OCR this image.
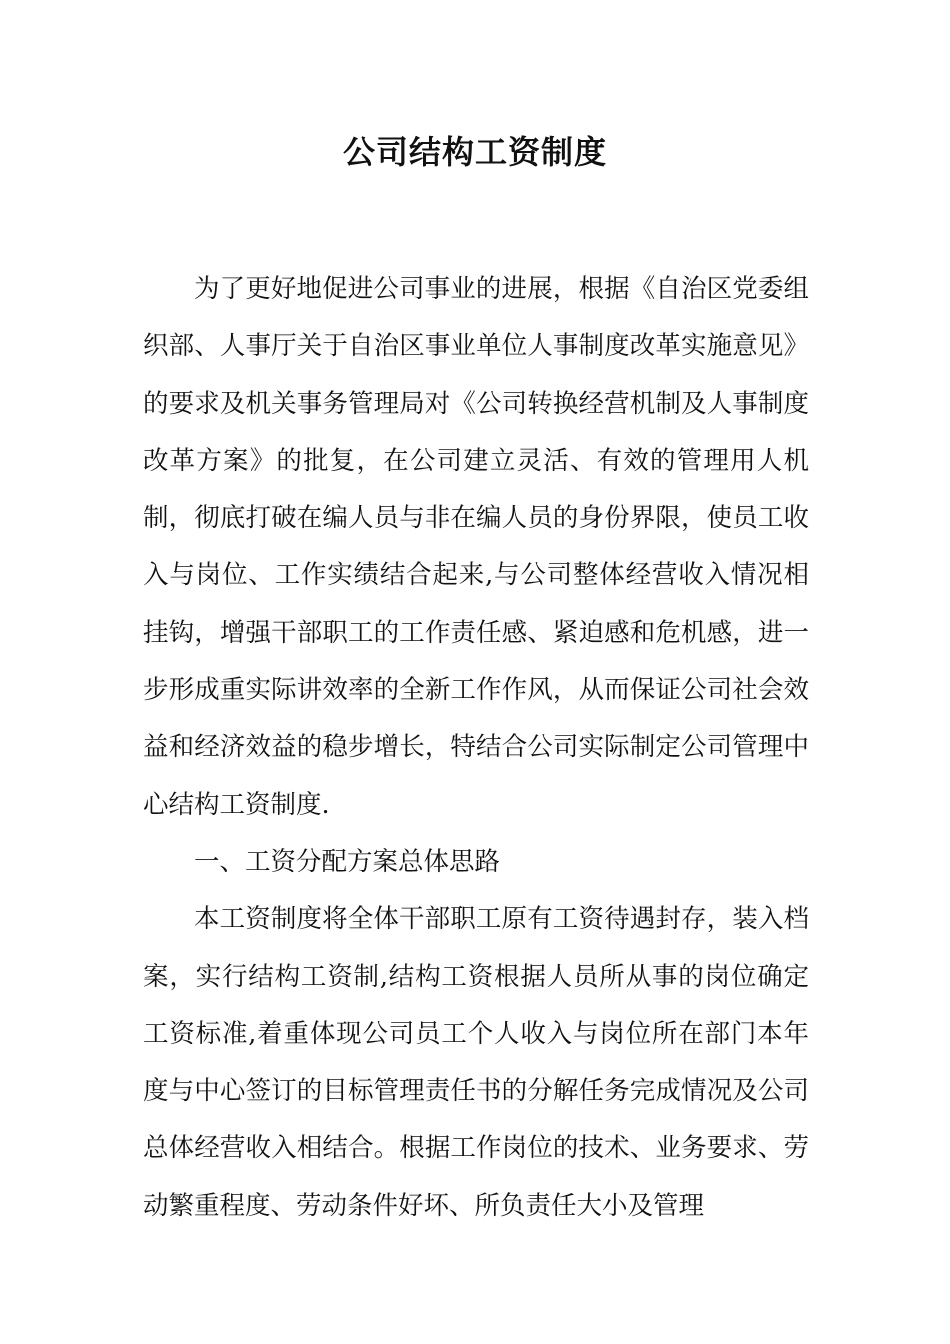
公司结构工资制度

为了更好地促进公司事业的进展，根据《自治区党委组织部、人事厅关于自治区事业单位人事制度改革实施意见》的要求及机关事务管理局对《公司转换经营机制及人事制度改革方案》的批复，在公司建立灵活、有效的管理用人机制，彻底打破在编人员与非在编人员的身份界限，使员工收入与岗位、工作实绩结合起来,与公司整体经营收入情况相挂钩，增强干部职工的工作责任感、紧迫感和危机感，进一步形成重实际讲效率的全新工作作风，从而保证公司社会效益和经济效益的稳步增长，特结合公司实际制定公司管理中心结构工资制度.

一、工资分配方案总体思路

本工资制度将全体干部职工原有工资待遇封存，装入档案，实行结构工资制,结构工资根据人员所从事的岗位确定工资标准,着重体现公司员工个人收入与岗位所在部门本年度与中心签订的目标管理责任书的分解任务完成情况及公司总体经营收入相结合。根据工作岗位的技术、业务要求、劳动繁重程度、劳动条件好坏、所负责任大小及管理
